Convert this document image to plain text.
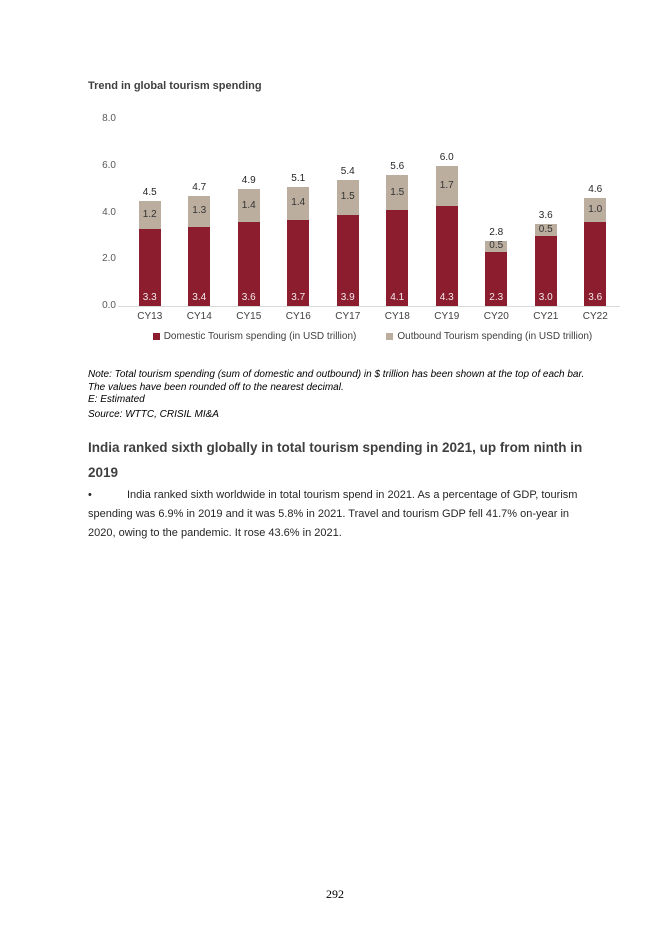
Trend in global tourism spending
0.0
2.0
4.0
6.0
8.0
4.5
1.2
3.3
4.7
1.3
3.4
4.9
1.4
3.6
5.1
1.4
3.7
5.4
1.5
3.9
5.6
1.5
4.1
6.0
1.7
4.3
2.8
0.5
2.3
3.6
0.5
3.0
4.6
1.0
3.6
CY13	CY14	CY15	CY16	CY17	CY18	CY19	CY20	CY21	CY22
Domestic Tourism spending (in USD trillion)	Outbound Tourism spending (in USD trillion)
Note: Total tourism spending (sum of domestic and outbound) in $ trillion has been shown at the top of each bar.
The values have been rounded off to the nearest decimal.
E: Estimated
Source: WTTC, CRISIL MI&A
India ranked sixth globally in total tourism spending in 2021, up from ninth in
2019
•	India ranked sixth worldwide in total tourism spend in 2021. As a percentage of GDP, tourism spending was 6.9% in 2019 and it was 5.8% in 2021. Travel and tourism GDP fell 41.7% on-year in 2020, owing to the pandemic. It rose 43.6% in 2021.
292
